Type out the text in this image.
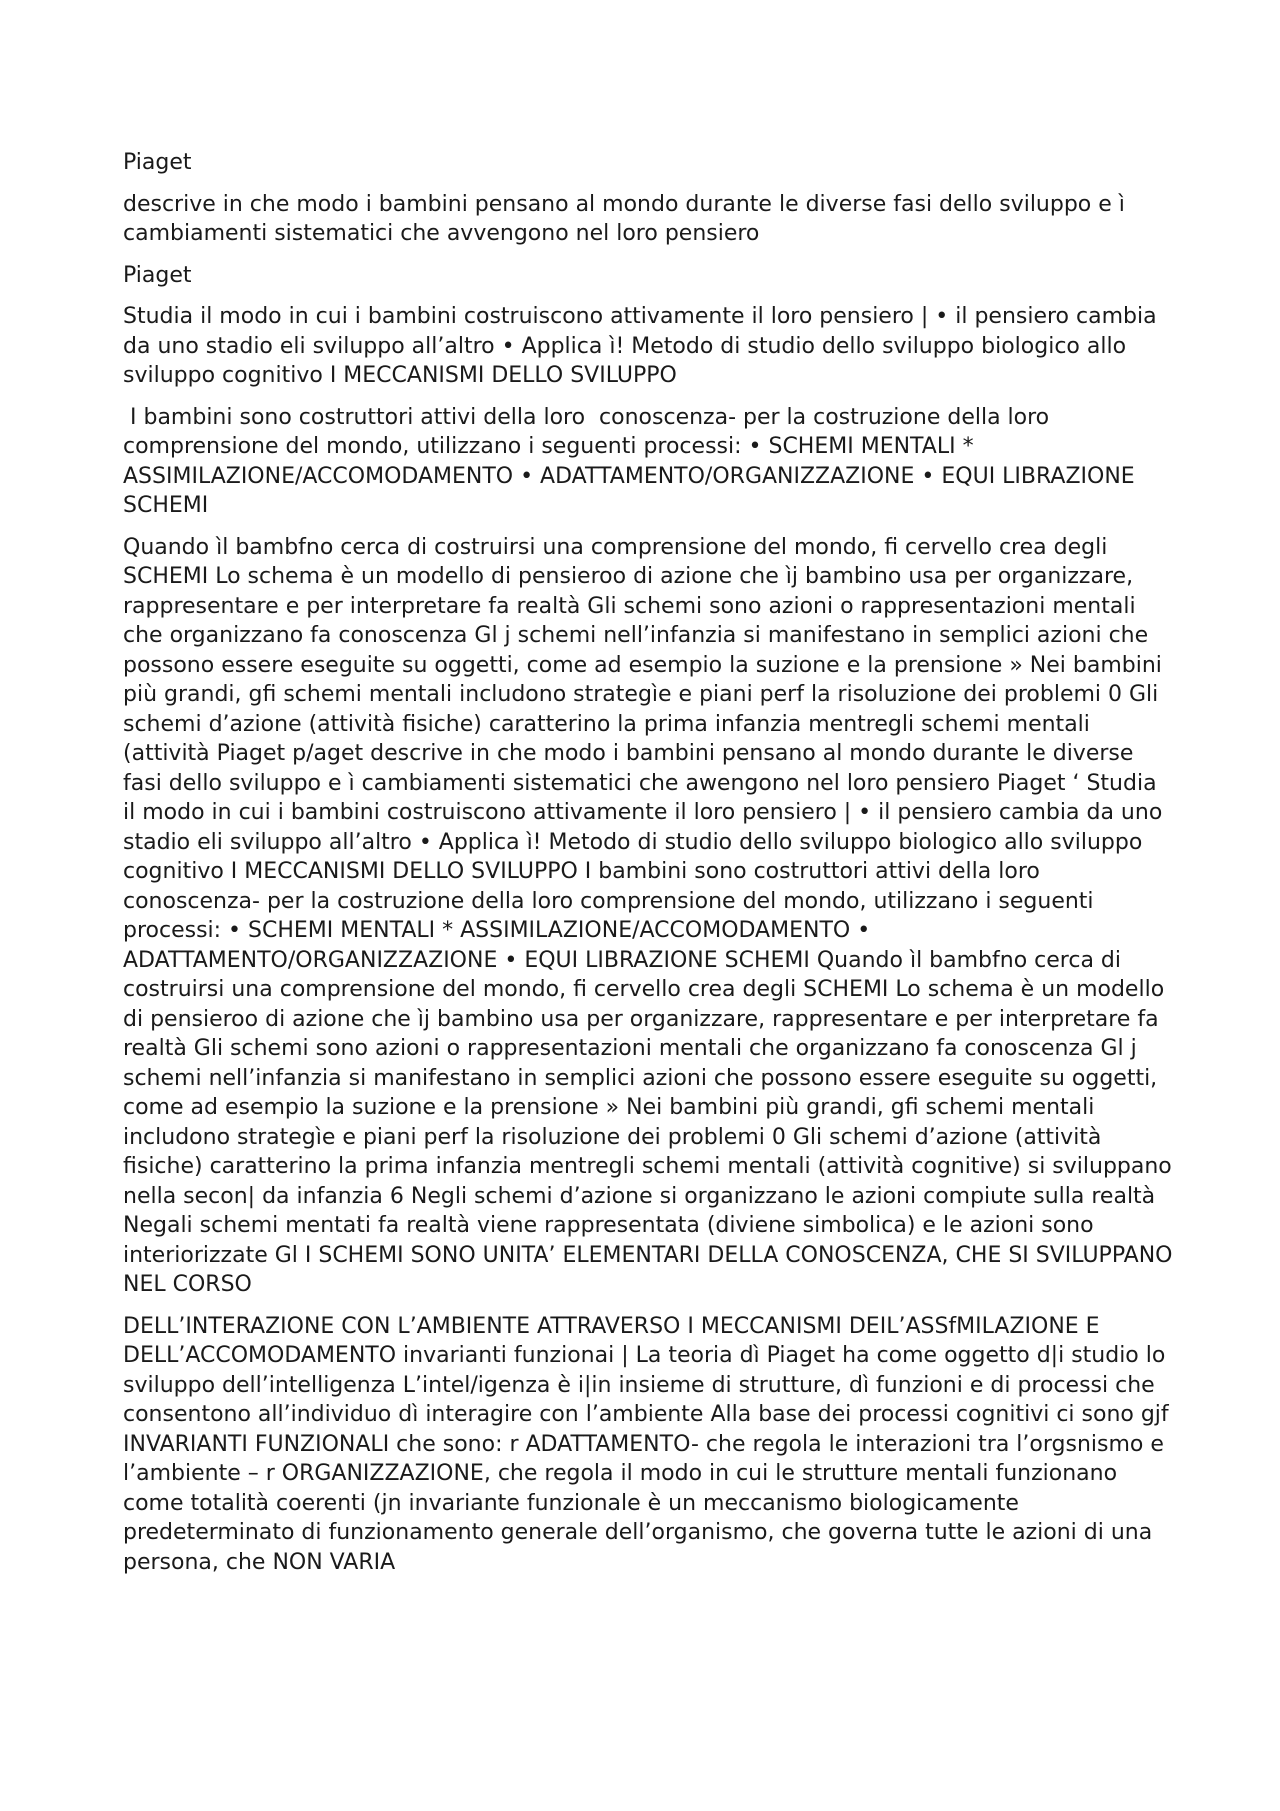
Piaget

descrive in che modo i bambini pensano al mondo durante le diverse fasi dello sviluppo e ì cambiamenti sistematici che avvengono nel loro pensiero

Piaget

Studia il modo in cui i bambini costruiscono attivamente il loro pensiero | • il pensiero cambia da uno stadio eli sviluppo all’altro • Applica ì! Metodo di studio dello sviluppo biologico allo sviluppo cognitivo I MECCANISMI DELLO SVILUPPO

I bambini sono costruttori attivi della loro  conoscenza- per la costruzione della loro comprensione del mondo, utilizzano i seguenti processi: • SCHEMI MENTALI * ASSIMILAZIONE/ACCOMODAMENTO • ADATTAMENTO/ORGANIZZAZIONE • EQUI LIBRAZIONE SCHEMI

Quando ìl bambfno cerca di costruirsi una comprensione del mondo, fi cervello crea degli SCHEMI Lo schema è un modello di pensieroo di azione che ìj bambino usa per organizzare, rappresentare e per interpretare fa realtà Gli schemi sono azioni o rappresentazioni mentali che organizzano fa conoscenza Gl j schemi nell’infanzia si manifestano in semplici azioni che possono essere eseguite su oggetti, come ad esempio la suzione e la prensione » Nei bambini più grandi, gfi schemi mentali includono strategìe e piani perf la risoluzione dei problemi 0 Gli schemi d’azione (attività fisiche) caratterino la prima infanzia mentregli schemi mentali (attività Piaget p/aget descrive in che modo i bambini pensano al mondo durante le diverse fasi dello sviluppo e ì cambiamenti sistematici che awengono nel loro pensiero Piaget ‘ Studia il modo in cui i bambini costruiscono attivamente il loro pensiero | • il pensiero cambia da uno stadio eli sviluppo all’altro • Applica ì! Metodo di studio dello sviluppo biologico allo sviluppo cognitivo I MECCANISMI DELLO SVILUPPO I bambini sono costruttori attivi della loro conoscenza- per la costruzione della loro comprensione del mondo, utilizzano i seguenti processi: • SCHEMI MENTALI * ASSIMILAZIONE/ACCOMODAMENTO • ADATTAMENTO/ORGANIZZAZIONE • EQUI LIBRAZIONE SCHEMI Quando ìl bambfno cerca di costruirsi una comprensione del mondo, fi cervello crea degli SCHEMI Lo schema è un modello di pensieroo di azione che ìj bambino usa per organizzare, rappresentare e per interpretare fa realtà Gli schemi sono azioni o rappresentazioni mentali che organizzano fa conoscenza Gl j schemi nell’infanzia si manifestano in semplici azioni che possono essere eseguite su oggetti, come ad esempio la suzione e la prensione » Nei bambini più grandi, gfi schemi mentali includono strategìe e piani perf la risoluzione dei problemi 0 Gli schemi d’azione (attività fisiche) caratterino la prima infanzia mentregli schemi mentali (attività cognitive) si sviluppano nella secon| da infanzia 6 Negli schemi d’azione si organizzano le azioni compiute sulla realtà Negali schemi mentati fa realtà viene rappresentata (diviene simbolica) e le azioni sono interiorizzate Gl I SCHEMI SONO UNITA’ ELEMENTARI DELLA CONOSCENZA, CHE SI SVILUPPANO NEL CORSO

DELL’INTERAZIONE CON L’AMBIENTE ATTRAVERSO I MECCANISMI DEIL’ASSfMILAZIONE E DELL’ACCOMODAMENTO invarianti funzionai | La teoria dì Piaget ha come oggetto d|i studio lo sviluppo dell’intelligenza L’intel/igenza è i|in insieme di strutture, dì funzioni e di processi che consentono all’individuo dì interagire con l’ambiente Alla base dei processi cognitivi ci sono gjf INVARIANTI FUNZIONALI che sono: r ADATTAMENTO- che regola le interazioni tra l’orgsnismo e l’ambiente – r ORGANIZZAZIONE, che regola il modo in cui le strutture mentali funzionano come totalità coerenti (jn invariante funzionale è un meccanismo biologicamente predeterminato di funzionamento generale dell’organismo, che governa tutte le azioni di una persona, che NON VARIA
